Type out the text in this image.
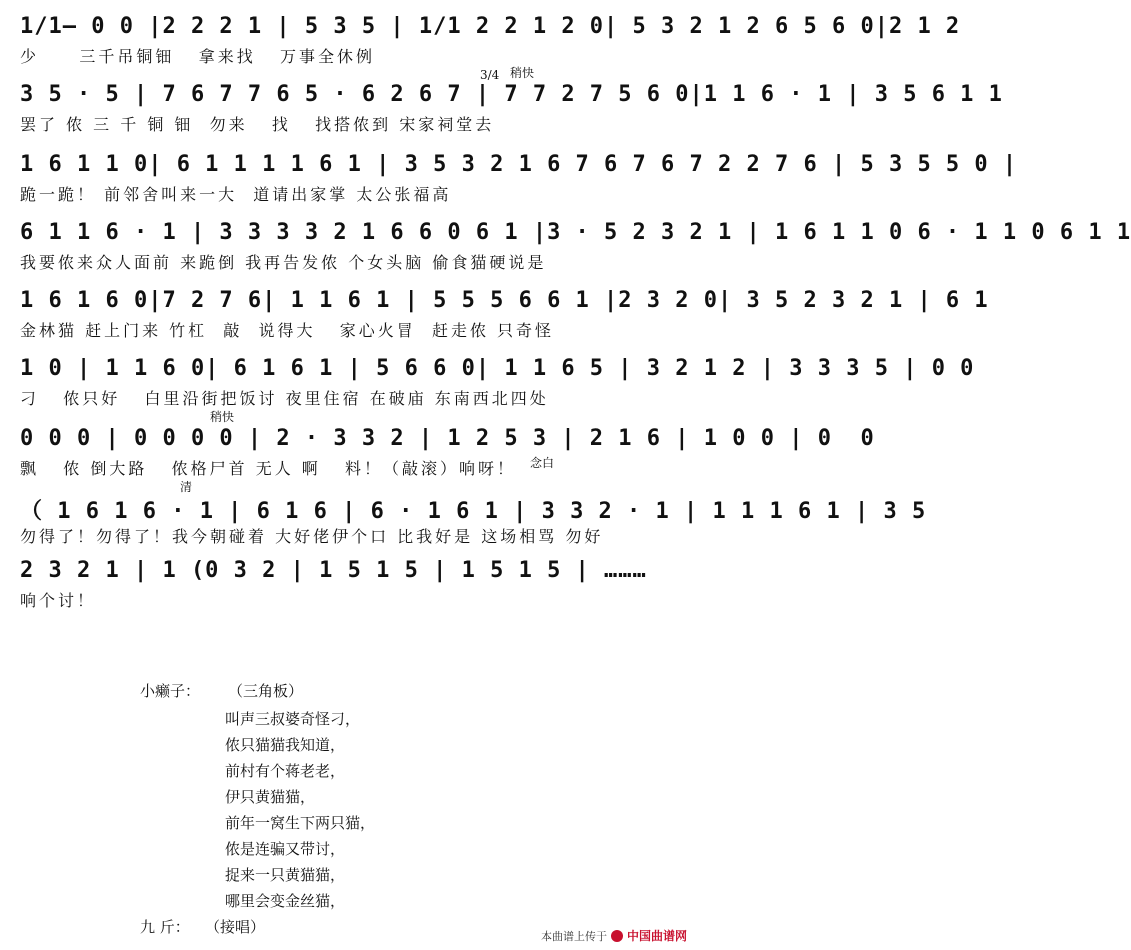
1/1— 0 0 |2 2 2 1 | 5 3 5 | 1/1 2 2 1 2 0| 5 3 2 1 2 6 5 6 0|2 1 2
少     三千吊铜钿   拿来找   万事全休例
3/4 稍快
3 5 · 5 | 7 6 7 7 6 5 · 6 2 6 7 | 7 7 2 7 5 6 0|1 1 6 · 1 | 3 5 6 1 1
罢了 侬 三 千 铜 钿  勿来   找   找搭侬到 宋家祠堂去
1 6 1 1 0| 6 1 1 1 1 6 1 | 3 5 3 2 1 6 7 6 7 6 7 2 2 7 6 | 5 3 5 5 0 |
跪一跪！ 前邻舍叫来一大  道请出家掌 太公张福高
6 1 1 6 · 1 | 3 3 3 3 2 1 6 6 0 6 1 |3 · 5 2 3 2 1 | 1 6 1 1 0 6 · 1 1 0 6 1 1
我要侬来众人面前 来跪倒 我再告发侬 个女头脑 偷食猫硬说是
1 6 1 6 0|7 2 7 6| 1 1 6 1 | 5 5 5 6 6 1 |2 3 2 0| 3 5 2 3 2 1 | 6 1
金林猫 赶上门来 竹杠  敲  说得大   家心火冒  赶走侬 只奇怪
1 0 | 1 1 6 0| 6 1 6 1 | 5 6 6 0| 1 1 6 5 | 3 2 1 2 | 3 3 3 5 | 0 0
刁   侬只好   白里沿街把饭讨 夜里住宿 在破庙 东南西北四处
稍快
念白
0 0 0 | 0 0 0 0 | 2 · 3 3 2 | 1 2 5 3 | 2 1 6 | 1 0 0 | 0  0
飘   侬 倒大路   侬格尸首 无人 啊   料！（敲滚）响呀！
清
（ 1 6 1 6 · 1 | 6 1 6 | 6 · 1 6 1 | 3 3 2 · 1 | 1 1 1 6 1 | 3 5
勿得了！勿得了！我今朝碰着 大好佬伊个口 比我好是 这场相骂 勿好
2 3 2 1 | 1 (0 3 2 | 1 5 1 5 | 1 5 1 5 | ………
响个讨！
小癞子： （三角板）
叫声三叔婆奇怪刁，
侬只猫猫我知道，
前村有个蒋老老，
伊只黄猫猫，
前年一窝生下两只猫，
侬是连骗又带讨，
捉来一只黄猫猫，
哪里会变金丝猫，
九 斤： （接唱）	本曲谱上传于 中国曲谱网
